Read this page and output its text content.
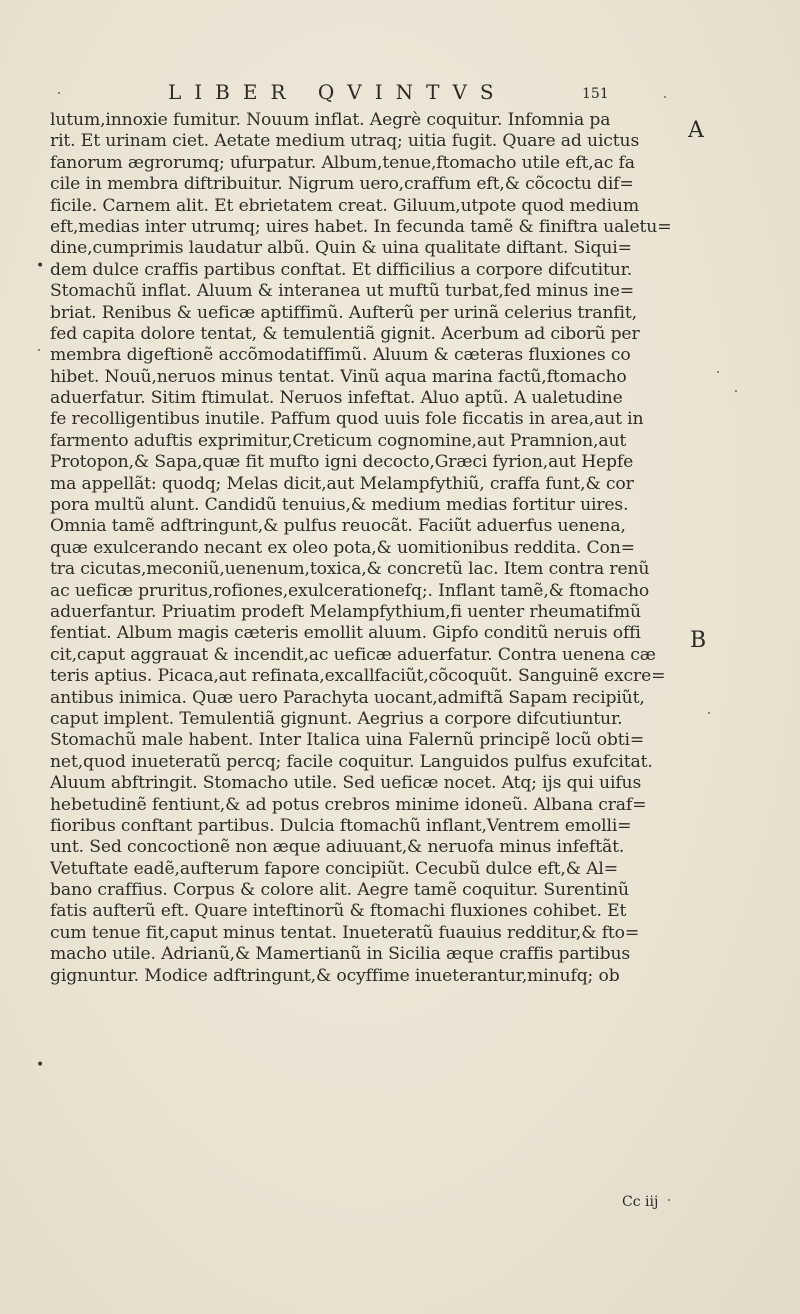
LIBER QVINTVS	151
A
B
•
•
lutum,innoxie fumitur. Nouum inflat. Aegrè coquitur. Infomnia pa
rit. Et urinam ciet. Aetate medium utraq; uitia fugit. Quare ad uictus
fanorum ægrorumq; ufurpatur. Album,tenue,ftomacho utile eft,ac fa
cile in membra diftribuitur. Nigrum uero,craffum eft,& cõcoctu dif=
ficile. Carnem alit. Et ebrietatem creat. Giluum,utpote quod medium
eft,medias inter utrumq; uires habet. In fecunda tamẽ & finiftra ualetu=
dine,cumprimis laudatur albũ. Quin & uina qualitate diftant. Siqui=
dem dulce craffis partibus conftat. Et difficilius a corpore difcutitur.
Stomachũ inflat. Aluum & interanea ut muftũ turbat,fed minus ine=
briat. Renibus & ueficæ aptiffimũ. Aufterũ per urinã celerius tranfit,
fed capita dolore tentat, & temulentiã gignit. Acerbum ad ciborũ per
membra digeftionẽ accõmodatiffimũ. Aluum & cæteras fluxiones co
hibet. Nouũ,neruos minus tentat. Vinũ aqua marina factũ,ftomacho
aduerfatur. Sitim ftimulat. Neruos infeftat. Aluo aptũ. A ualetudine
fe recolligentibus inutile. Paffum quod uuis fole ficcatis in area,aut in
farmento aduftis exprimitur,Creticum cognomine,aut Pramnion,aut
Protopon,& Sapa,quæ fit mufto igni decocto,Græci fyrion,aut Hepfe
ma appellãt: quodq; Melas dicit,aut Melampfythiũ, craffa funt,& cor
pora multũ alunt. Candidũ tenuius,& medium medias fortitur uires.
Omnia tamẽ adftringunt,& pulfus reuocãt. Faciũt aduerfus uenena,
quæ exulcerando necant ex oleo pota,& uomitionibus reddita. Con=
tra cicutas,meconiũ,uenenum,toxica,& concretũ lac. Item contra renũ
ac ueficæ pruritus,rofiones,exulcerationefq;. Inflant tamẽ,& ftomacho
aduerfantur. Priuatim prodeft Melampfythium,fi uenter rheumatifmũ
fentiat. Album magis cæteris emollit aluum. Gipfo conditũ neruis offi
cit,caput aggrauat & incendit,ac ueficæ aduerfatur. Contra uenena cæ
teris aptius. Picaca,aut refinata,excallfaciũt,cõcoquũt. Sanguinẽ excre=
antibus inimica. Quæ uero Parachyta uocant,admiftã Sapam recipiũt,
caput implent. Temulentiã gignunt. Aegrius a corpore difcutiuntur.
Stomachũ male habent. Inter Italica uina Falernũ principẽ locũ obti=
net,quod inueteratũ percq; facile coquitur. Languidos pulfus exufcitat.
Aluum abftringit. Stomacho utile. Sed ueficæ nocet. Atq; ijs qui uifus
hebetudinẽ fentiunt,& ad potus crebros minime idoneũ. Albana craf=
fioribus conftant partibus. Dulcia ftomachũ inflant,Ventrem emolli=
unt. Sed concoctionẽ non æque adiuuant,& neruofa minus infeftãt.
Vetuftate eadẽ,aufterum fapore concipiũt. Cecubũ dulce eft,& Al=
bano craffius. Corpus & colore alit. Aegre tamẽ coquitur. Surentinũ
fatis aufterũ eft. Quare inteftinorũ & ftomachi fluxiones cohibet. Et
cum tenue fit,caput minus tentat. Inueteratũ fuauius redditur,& fto=
macho utile. Adrianũ,& Mamertianũ in Sicilia æque craffis partibus
gignuntur. Modice adftringunt,& ocyffime inueterantur,minufq; ob
Cc iij
